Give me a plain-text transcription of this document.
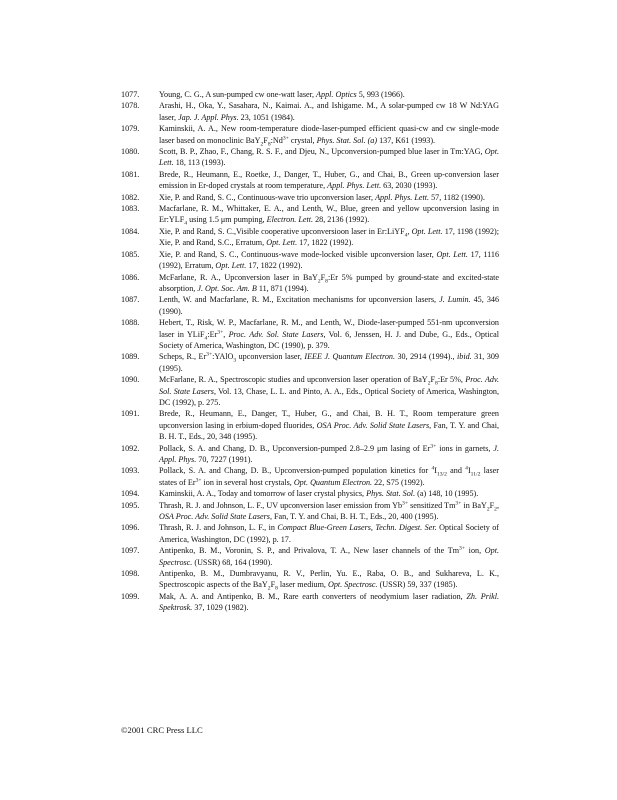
1077. Young, C. G., A sun-pumped cw one-watt laser, Appl. Optics 5, 993 (1966).
1078. Arashi, H., Oka, Y., Sasahara, N., Kaimai. A., and Ishigame. M., A solar-pumped cw 18 W Nd:YAG laser, Jap. J. Appl. Phys. 23, 1051 (1984).
1079. Kaminskii, A. A., New room-temperature diode-laser-pumped efficient quasi-cw and cw single-mode laser based on monoclinic $BaY_2F_8:Nd^{3+}$ crystal, Phys. Stat. Sol. (a) 137, K61 (1993).
1080. Scott, B. P., Zhao, F., Chang, R. S. F., and Djeu, N., Upconversion-pumped blue laser in Tm:YAG, Opt. Lett. 18, 113 (1993).
1081. Brede, R., Heumann, E., Roetke, J., Danger, T., Huber, G., and Chai, B., Green up-conversion laser emission in Er-doped crystals at room temperature, Appl. Phys. Lett. 63, 2030 (1993).
1082. Xie, P. and Rand, S. C., Continuous-wave trio upconversion laser, Appl. Phys. Lett. 57, 1182 (1990).
1083. Macfarlane, R. M., Whittaker, E. A., and Lenth, W., Blue, green and yellow upconversion lasing in $Er:YLF_4$ using 1.5 μm pumping, Electron. Lett. 28, 2136 (1992).
1084. Xie, P. and Rand, S. C.,Visible cooperative upconversioon laser in Er:LiYF$_4$, Opt. Lett. 17, 1198 (1992); Xie, P. and Rand, S.C., Erratum, Opt. Lett. 17, 1822 (1992).
1085. Xie, P. and Rand, S. C., Continuous-wave mode-locked visible upconversion laser, Opt. Lett. 17, 1116 (1992), Erratum, Opt. Lett. 17, 1822 (1992).
1086. McFarlane, R. A., Upconversion laser in $BaY_2F_8:Er$ 5% pumped by ground-state and excited-state absorption, J. Opt. Soc. Am. B 11, 871 (1994).
1087. Lenth, W. and Macfarlane, R. M., Excitation mechanisms for upconversion lasers, J. Lumin. 45, 346 (1990).
1088. Hebert, T., Risk, W. P., Macfarlane, R. M., and Lenth, W., Diode-laser-pumped 551-nm upconversion laser in $YLiF_4:Er^{3+}$, Proc. Adv. Sol. State Lasers, Vol. 6, Jenssen, H. J. and Dube, G., Eds., Optical Society of America, Washington, DC (1990), p. 379.
1089. Scheps, R., $Er^{3+}:YAlO_3$ upconversion laser, IEEE J. Quantum Electron. 30, 2914 (1994)., ibid. 31, 309 (1995).
1090. McFarlane, R. A., Spectroscopic studies and upconversion laser operation of $BaY_2F_8:Er$ 5%, Proc. Adv. Sol. State Lasers, Vol. 13, Chase, L. L. and Pinto, A. A., Eds., Optical Society of America, Washington, DC (1992), p. 275.
1091. Brede, R., Heumann, E., Danger, T., Huber, G., and Chai, B. H. T., Room temperature green upconversion lasing in erbium-doped fluorides, OSA Proc. Adv. Solid State Lasers, Fan, T. Y. and Chai, B. H. T., Eds., 20, 348 (1995).
1092. Pollack, S. A. and Chang, D. B., Upconversion-pumped 2.8–2.9 μm lasing of $Er^{3+}$ ions in garnets, J. Appl. Phys. 70, 7227 (1991).
1093. Pollack, S. A. and Chang, D. B., Upconversion-pumped population kinetics for $^4I_{13/2}$ and $^4I_{11/2}$ laser states of $Er^{3+}$ ion in several host crystals, Opt. Quantum Electron. 22, S75 (1992).
1094. Kaminskii, A. A., Today and tomorrow of laser crystal physics, Phys. Stat. Sol. (a) 148, 10 (1995).
1095. Thrash, R. J. and Johnson, L. F., UV upconversion laser emission from $Yb^{3+}$ sensitized $Tm^{3+}$ in $BaY_2F_2$, OSA Proc. Adv. Solid State Lasers, Fan, T. Y. and Chai, B. H. T., Eds., 20, 400 (1995).
1096. Thrash, R. J. and Johnson, L. F., in Compact Blue-Green Lasers, Techn. Digest. Ser. Optical Society of America, Washington, DC (1992), p. 17.
1097. Antipenko, B. M., Voronin, S. P., and Privalova, T. A., New laser channels of the $Tm^{3+}$ ion, Opt. Spectrosc. (USSR) 68, 164 (1990).
1098. Antipenko, B. M., Dumbravyanu, R. V., Perlin, Yu. E., Raba, O. B., and Sukhareva, L. K., Spectroscopic aspects of the $BaY_2F_8$ laser medium, Opt. Spectrosc. (USSR) 59, 337 (1985).
1099. Mak, A. A. and Antipenko, B. M., Rare earth converters of neodymium laser radiation, Zh. Prikl. Spektrosk. 37, 1029 (1982).
©2001 CRC Press LLC
